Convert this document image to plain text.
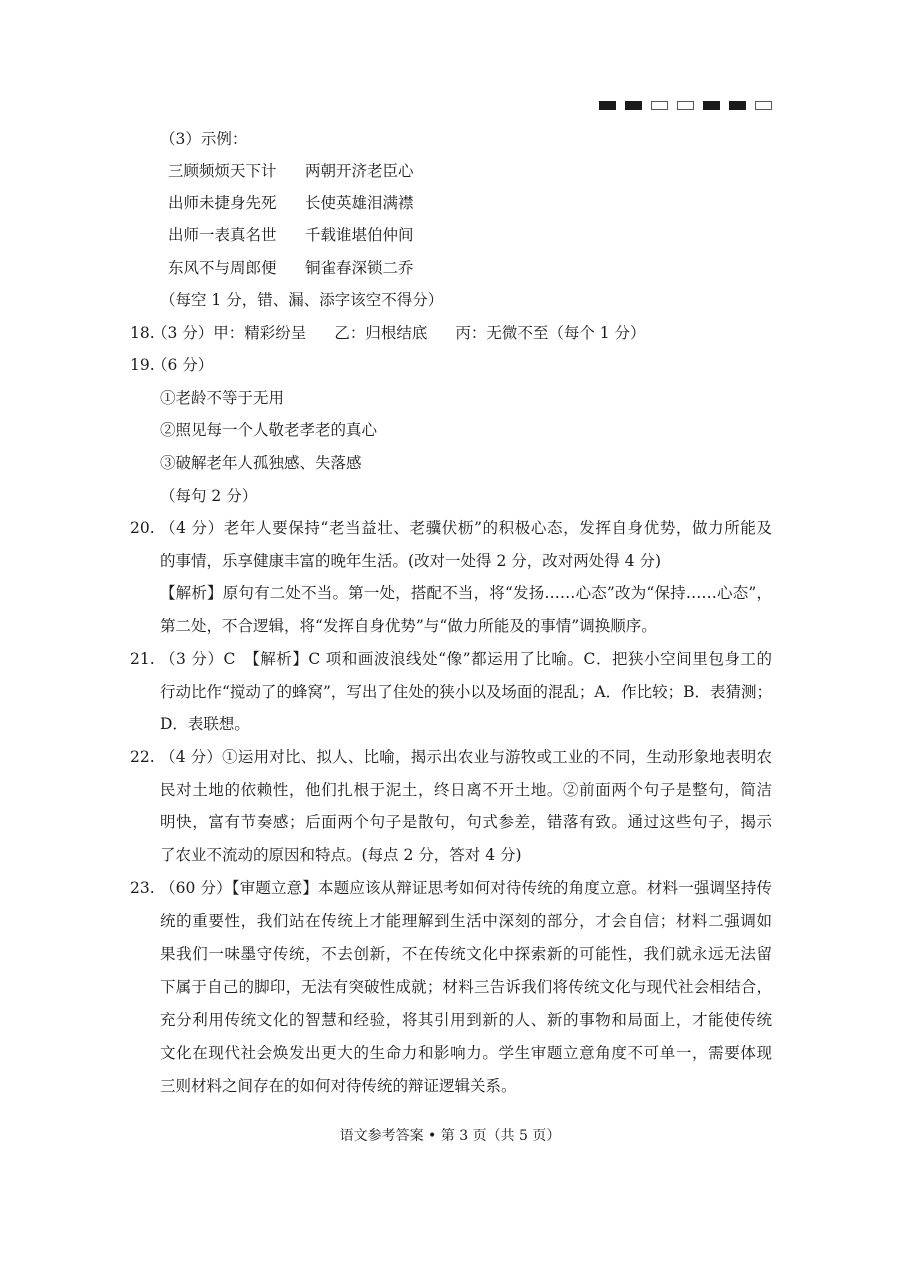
（3）示例：
三顾频烦天下计 两朝开济老臣心
出师未捷身先死 长使英雄泪满襟
出师一表真名世 千载谁堪伯仲间
东风不与周郎便 铜雀春深锁二乔
（每空 1 分，错、漏、添字该空不得分）
18.
（3 分）甲：精彩纷呈 乙：归根结底 丙：无微不至（每个 1 分）
19.
（6 分）
①老龄不等于无用
②照见每一个人敬老孝老的真心
③破解老年人孤独感、失落感
（每句 2 分）
20. （4 分）老年人要保持“老当益壮、老骥伏枥”的积极心态，发挥自身优势，做力所能及
的事情，乐享健康丰富的晚年生活。(改对一处得 2 分，改对两处得 4 分)
【解析】原句有二处不当。第一处，搭配不当，将“发扬……心态”改为“保持……心态”，
第二处，不合逻辑，将“发挥自身优势”与“做力所能及的事情”调换顺序。
21. （3 分）C　【解析】C 项和画波浪线处“像”都运用了比喻。C．把狭小空间里包身工的
行动比作“搅动了的蜂窝”，写出了住处的狭小以及场面的混乱；A．作比较；B．表猜测；
D．表联想。
22. （4 分）①运用对比、拟人、比喻，揭示出农业与游牧或工业的不同，生动形象地表明农
民对土地的依赖性，他们扎根于泥土，终日离不开土地。②前面两个句子是整句，简洁
明快，富有节奏感；后面两个句子是散句，句式参差，错落有致。通过这些句子，揭示
了农业不流动的原因和特点。(每点 2 分，答对 4 分)
23. （60 分）【审题立意】本题应该从辩证思考如何对待传统的角度立意。材料一强调坚持传
统的重要性，我们站在传统上才能理解到生活中深刻的部分，才会自信；材料二强调如
果我们一味墨守传统，不去创新，不在传统文化中探索新的可能性，我们就永远无法留
下属于自己的脚印，无法有突破性成就；材料三告诉我们将传统文化与现代社会相结合，
充分利用传统文化的智慧和经验，将其引用到新的人、新的事物和局面上，才能使传统
文化在现代社会焕发出更大的生命力和影响力。学生审题立意角度不可单一，需要体现
三则材料之间存在的如何对待传统的辩证逻辑关系。
语文参考答案 • 第 3 页（共 5 页）
